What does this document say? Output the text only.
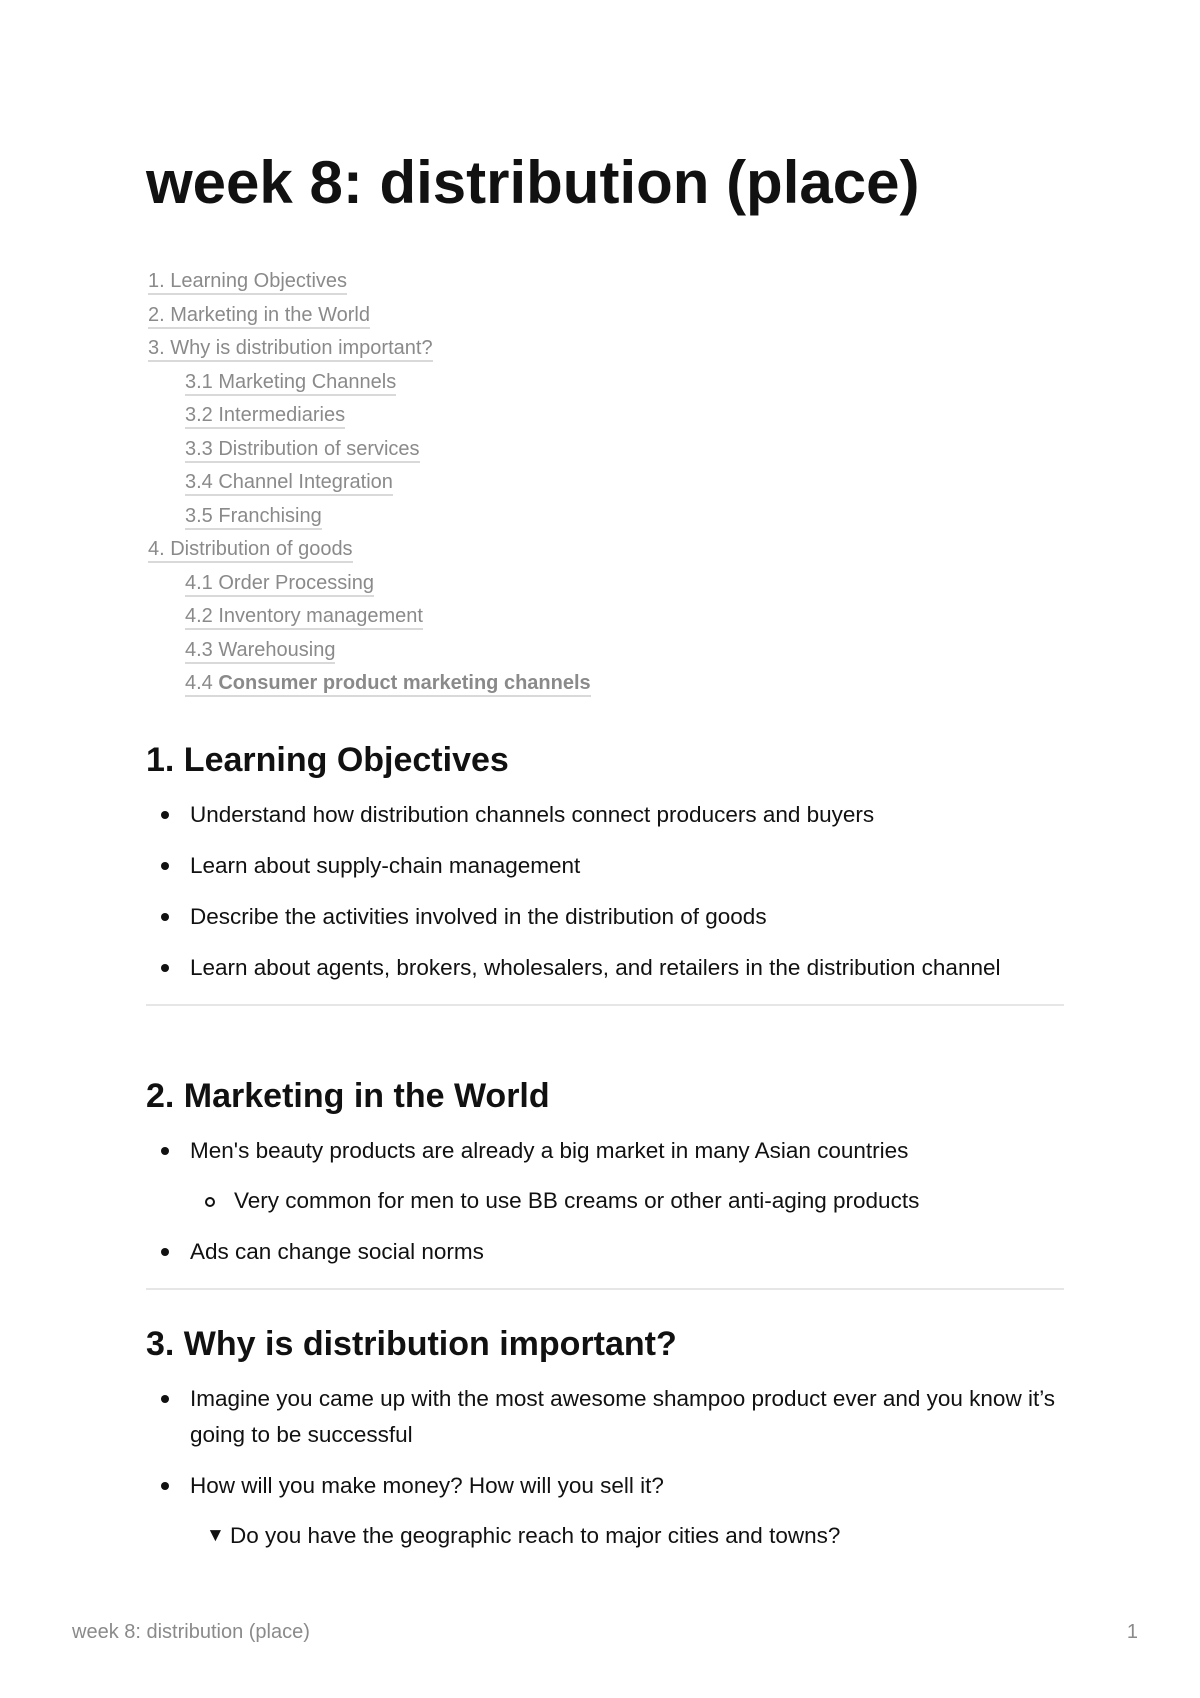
week 8: distribution (place)
1. Learning Objectives
2. Marketing in the World
3. Why is distribution important?
3.1 Marketing Channels
3.2 Intermediaries
3.3 Distribution of services
3.4 Channel Integration
3.5 Franchising
4. Distribution of goods
4.1 Order Processing
4.2 Inventory management
4.3 Warehousing
4.4 Consumer product marketing channels
1. Learning Objectives
Understand how distribution channels connect producers and buyers
Learn about supply-chain management
Describe the activities involved in the distribution of goods
Learn about agents, brokers, wholesalers, and retailers in the distribution channel
2. Marketing in the World
Men's beauty products are already a big market in many Asian countries
Very common for men to use BB creams or other anti-aging products
Ads can change social norms
3. Why is distribution important?
Imagine you came up with the most awesome shampoo product ever and you know it’s going to be successful
How will you make money? How will you sell it?
▼ Do you have the geographic reach to major cities and towns?
week 8: distribution (place)	1
